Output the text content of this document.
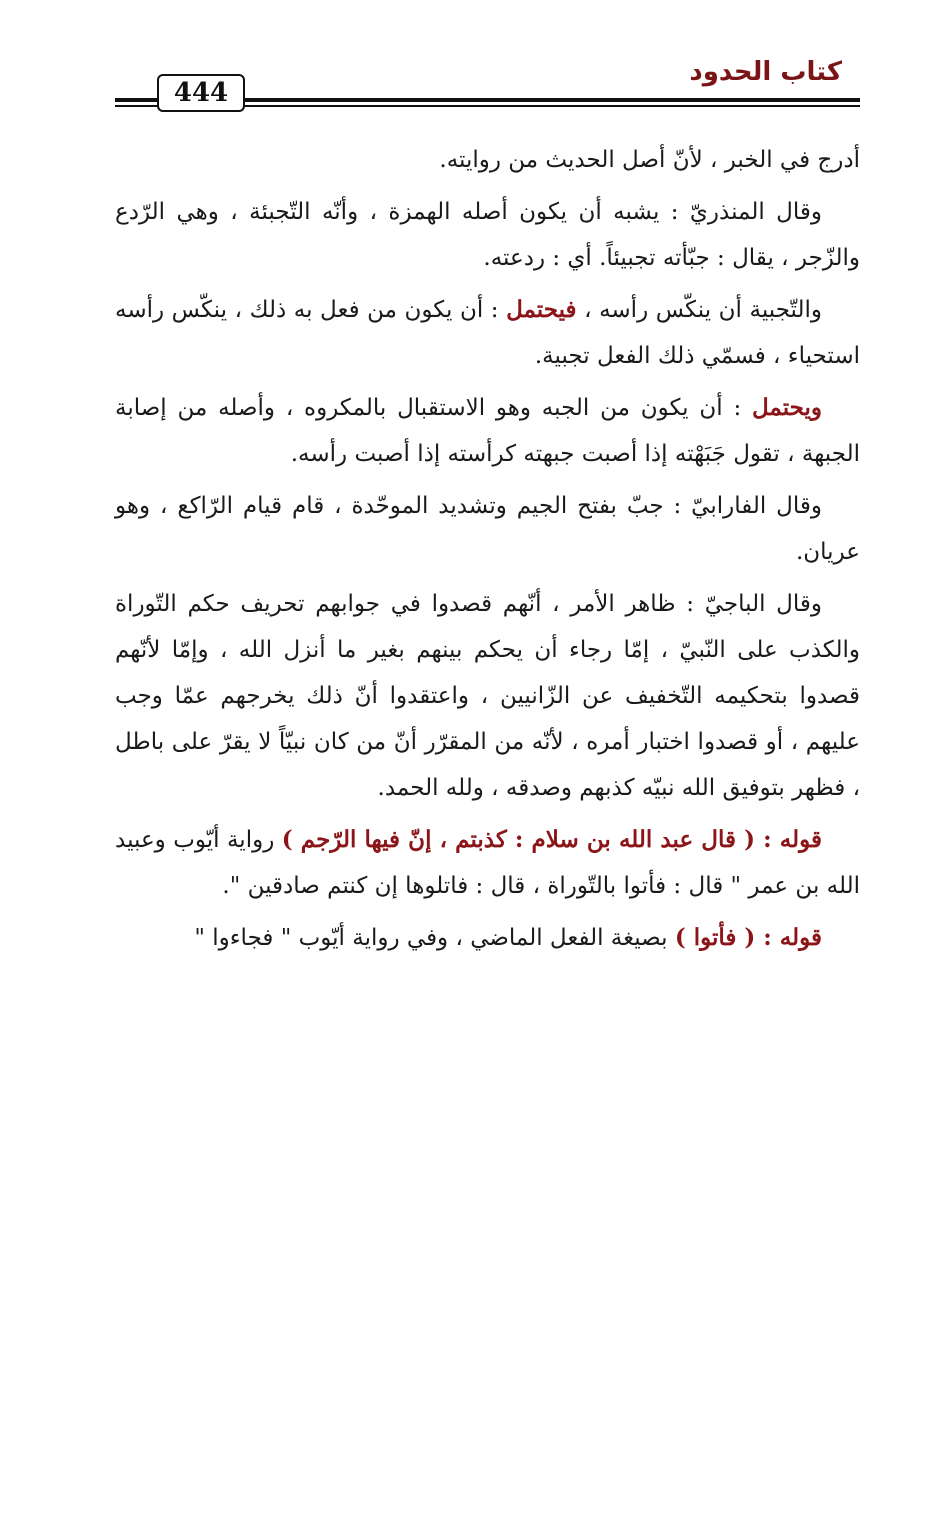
كتاب الحدود
444

أدرج في الخبر ، لأنّ أصل الحديث من روايته.

وقال المنذريّ : يشبه أن يكون أصله الهمزة ، وأنّه التّجبئة ، وهي الرّدع والزّجر ، يقال : جبّأته تجبيئاً. أي : ردعته.

والتّجبية أن ينكّس رأسه ، فيحتمل : أن يكون من فعل به ذلك ، ينكّس رأسه استحياء ، فسمّي ذلك الفعل تجبية.

ويحتمل : أن يكون من الجبه وهو الاستقبال بالمكروه ، وأصله من إصابة الجبهة ، تقول جَبَهْته إذا أصبت جبهته كرأسته إذا أصبت رأسه.

وقال الفارابيّ : جبّ بفتح الجيم وتشديد الموحّدة ، قام قيام الرّاكع ، وهو عريان.

وقال الباجيّ : ظاهر الأمر ، أنّهم قصدوا في جوابهم تحريف حكم التّوراة والكذب على النّبيّ ، إمّا رجاء أن يحكم بينهم بغير ما أنزل الله ، وإمّا لأنّهم قصدوا بتحكيمه التّخفيف عن الزّانيين ، واعتقدوا أنّ ذلك يخرجهم عمّا وجب عليهم ، أو قصدوا اختبار أمره ، لأنّه من المقرّر أنّ من كان نبيّاً لا يقرّ على باطل ، فظهر بتوفيق الله نبيّه كذبهم وصدقه ، ولله الحمد.

قوله : ( قال عبد الله بن سلام : كذبتم ، إنّ فيها الرّجم ) رواية أيّوب وعبيد الله بن عمر " قال : فأتوا بالتّوراة ، قال : فاتلوها إن كنتم صادقين ".

قوله : ( فأتوا ) بصيغة الفعل الماضي ، وفي رواية أيّوب " فجاءوا "
